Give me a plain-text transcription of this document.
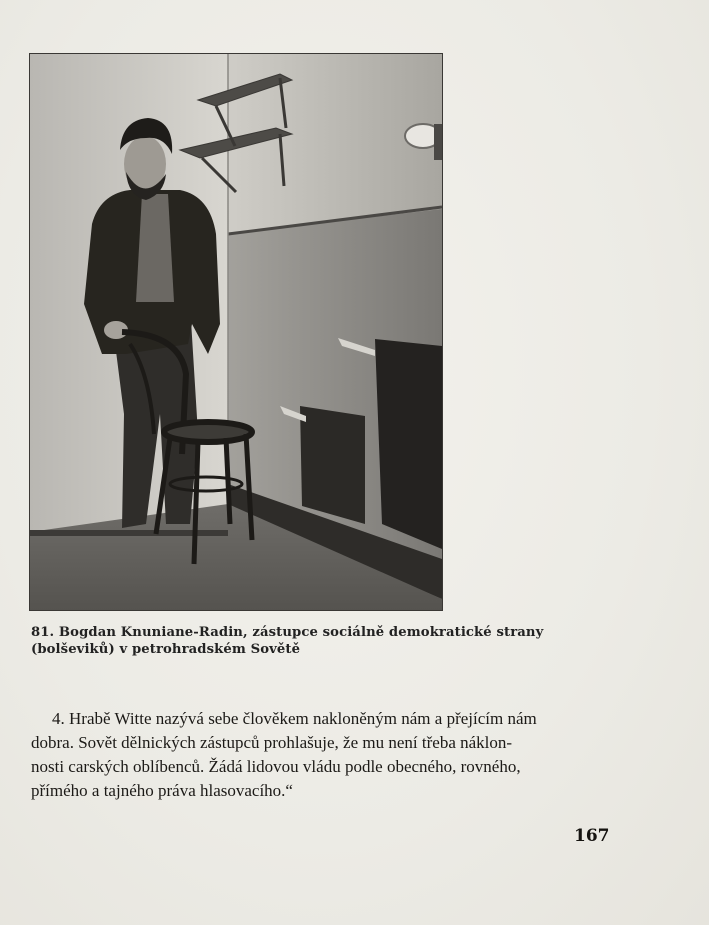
81. Bogdan Knuniane-Radin, zástupce sociálně demokratické strany
(bolševiků) v petrohradském Sovětě
4. Hrabě Witte nazývá sebe člověkem nakloněným nám a přejícím nám
dobra. Sovět dělnických zástupců prohlašuje, že mu není třeba náklon-
nosti carských oblíbenců. Žádá lidovou vládu podle obecného, rovného,
přímého a tajného práva hlasovacího.“
167
